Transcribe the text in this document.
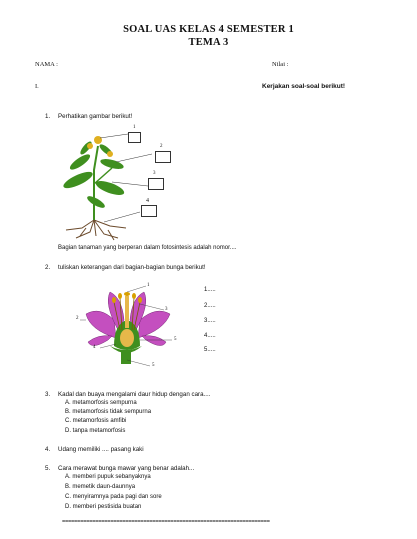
SOAL UAS KELAS 4 SEMESTER 1
TEMA 3
NAMA :	Nilai :
I.	Kerjakan soal-soal berikut!
1. Perhatikan gambar berikut!
1
2
3
4
Bagian tanaman yang berperan dalam fotosintesis adalah nomor....
2. tuliskan keterangan dari bagian-bagian bunga berikut!
1
2
3
4
5
5
1.....
2.....
3.....
4.....
5.....
3. Kadal dan buaya mengalami daur hidup dengan cara....
A. metamorfosis sempurna
B. metamorfosis tidak sempurna
C. metamorfosis amfibi
D. tanpa metamorfosis
4. Udang memiliki .... pasang kaki
5. Cara merawat bunga mawar yang benar adalah...
A. memberi pupuk sebanyaknya
B. memetik daun-daunnya
C. menyiramnya pada pagi dan sore
D. memberi pestisida buatan
=====================================================================
